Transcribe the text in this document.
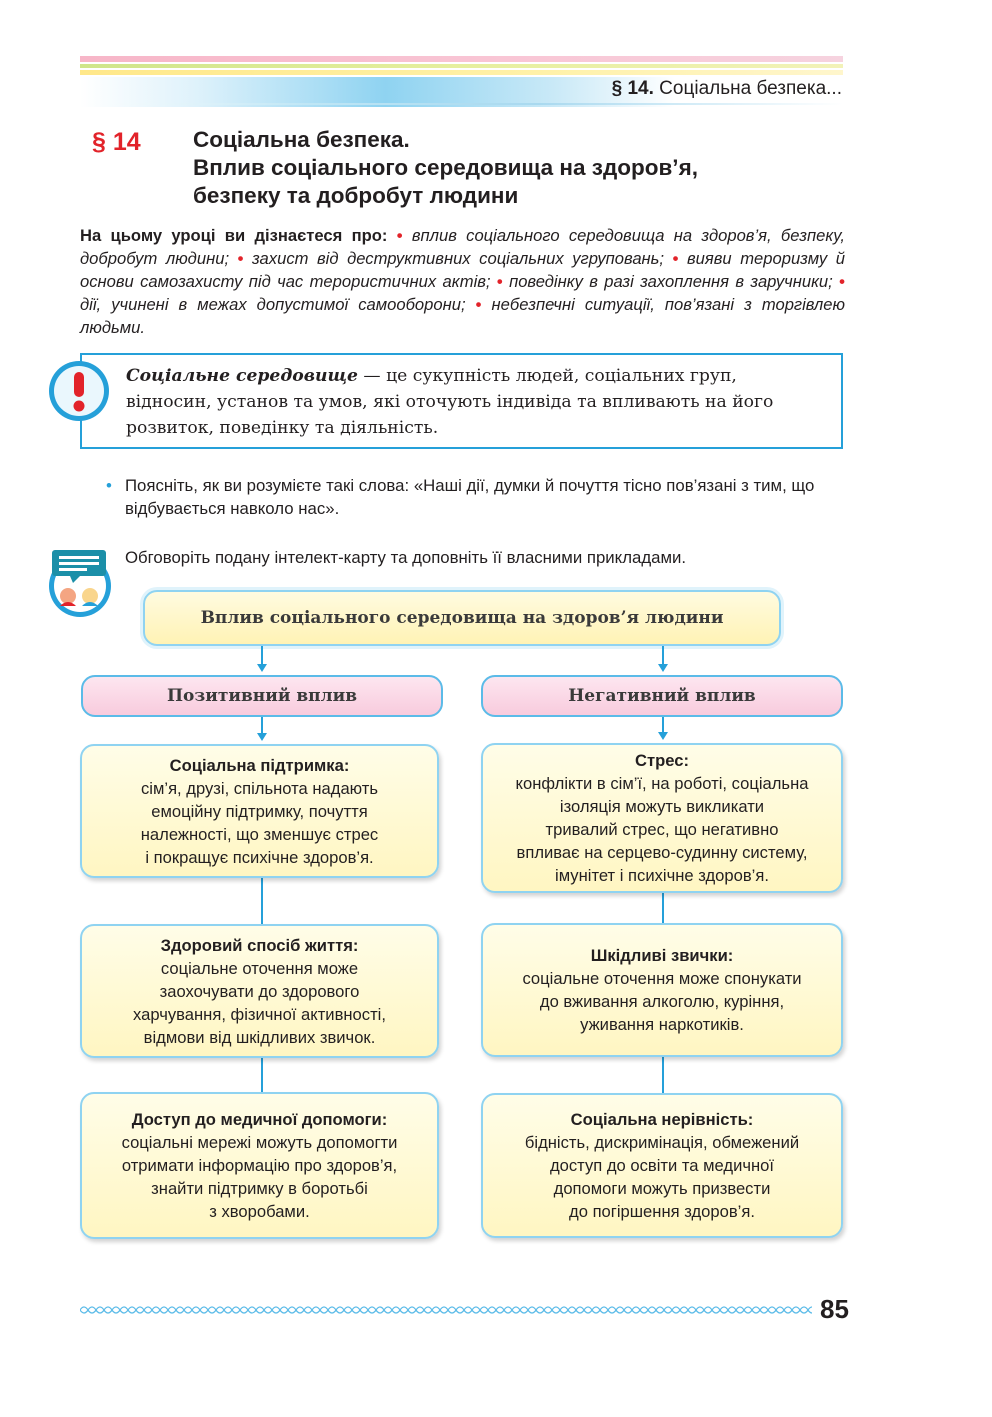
§ 14. Соціальна безпека...
§ 14 Соціальна безпека.
Вплив соціального середовища на здоров’я,
безпеку та добробут людини
На цьому уроці ви дізнаєтеся про: • вплив соціального середовища на здоров’я, безпеку, добробут людини; • захист від деструктивних соціальних угруповань; • вияви тероризму й основи самозахисту під час терористичних актів; • поведінку в разі захоплення в заручники; • дії, учинені в межах допустимої самооборони; • небезпечні ситуації, пов’язані з торгівлею людьми.
Соціальне середовище — це сукупність людей, соціальних груп, відносин, установ та умов, які оточують індивіда та впливають на його розвиток, поведінку та діяльність.
• Поясніть, як ви розумієте такі слова: «Наші дії, думки й почуття тісно пов’язані з тим, що відбувається навколо нас».
Обговоріть подану інтелект-карту та доповніть її власними прикладами.
Вплив соціального середовища на здоров’я людини
Позитивний вплив	Негативний вплив
Соціальна підтримка:
сім’я, друзі, спільнота надають
емоційну підтримку, почуття
належності, що зменшує стрес
і покращує психічне здоров’я.
Здоровий спосіб життя:
соціальне оточення може
заохочувати до здорового
харчування, фізичної активності,
відмови від шкідливих звичок.
Доступ до медичної допомоги:
соціальні мережі можуть допомогти
отримати інформацію про здоров’я,
знайти підтримку в боротьбі
з хворобами.
Стрес:
конфлікти в сім’ї, на роботі, соціальна
ізоляція можуть викликати
тривалий стрес, що негативно
впливає на серцево-судинну систему,
імунітет і психічне здоров’я.
Шкідливі звички:
соціальне оточення може спонукати
до вживання алкоголю, куріння,
уживання наркотиків.
Соціальна нерівність:
бідність, дискримінація, обмежений
доступ до освіти та медичної
допомоги можуть призвести
до погіршення здоров’я.
85
